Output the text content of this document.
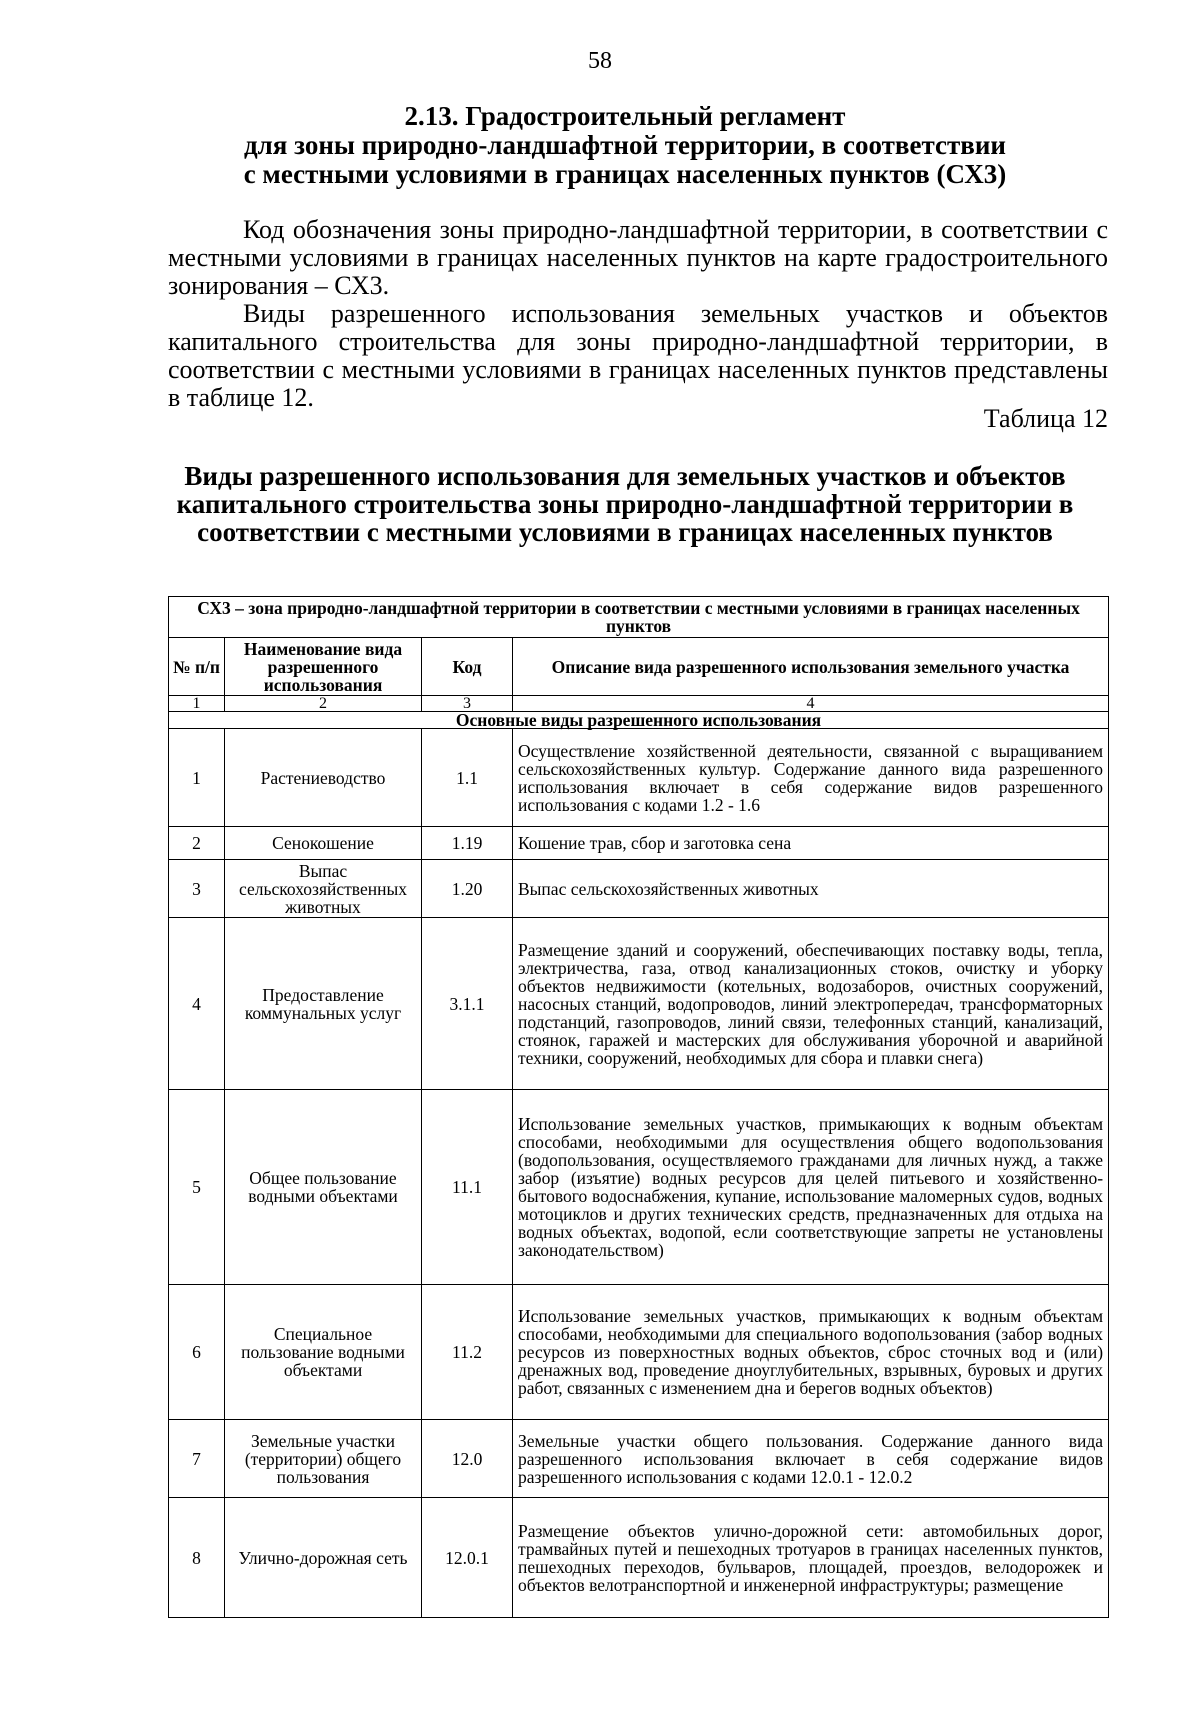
58
2.13. Градостроительный регламент
для зоны природно-ландшафтной территории, в соответствии
с местными условиями в границах населенных пунктов (СХ3)

Код обозначения зоны природно-ландшафтной территории, в соответствии с местными условиями в границах населенных пунктов на карте градостроительного зонирования – СХ3.

Виды разрешенного использования земельных участков и объектов капитального строительства для зоны природно-ландшафтной территории, в соответствии с местными условиями в границах населенных пунктов представлены в таблице 12.

Таблица 12
Виды разрешенного использования для земельных участков и объектов капитального строительства зоны природно-ландшафтной территории в соответствии с местными условиями в границах населенных пунктов
СХ3 – зона природно-ландшафтной территории в соответствии с местными условиями в границах населенных пунктов			
№ п/п	Наименование вида разрешенного использования	Код	Описание вида разрешенного использования земельного участка
1	2	3	4
Основные виды разрешенного использования			
1	Растениеводство	1.1	Осуществление хозяйственной деятельности, связанной с выращиванием сельскохозяйственных культур. Содержание данного вида разрешенного использования включает в себя содержание видов разрешенного использования с кодами 1.2 - 1.6
2	Сенокошение	1.19	Кошение трав, сбор и заготовка сена
3	Выпас сельскохозяйственных животных	1.20	Выпас сельскохозяйственных животных
4	Предоставление коммунальных услуг	3.1.1	Размещение зданий и сооружений, обеспечивающих поставку воды, тепла, электричества, газа, отвод канализационных стоков, очистку и уборку объектов недвижимости (котельных, водозаборов, очистных сооружений, насосных станций, водопроводов, линий электропередач, трансформаторных подстанций, газопроводов, линий связи, телефонных станций, канализаций, стоянок, гаражей и мастерских для обслуживания уборочной и аварийной техники, сооружений, необходимых для сбора и плавки снега)
5	Общее пользование водными объектами	11.1	Использование земельных участков, примыкающих к водным объектам способами, необходимыми для осуществления общего водопользования (водопользования, осуществляемого гражданами для личных нужд, а также забор (изъятие) водных ресурсов для целей питьевого и хозяйственно-бытового водоснабжения, купание, использование маломерных судов, водных мотоциклов и других технических средств, предназначенных для отдыха на водных объектах, водопой, если соответствующие запреты не установлены законодательством)
6	Специальное пользование водными объектами	11.2	Использование земельных участков, примыкающих к водным объектам способами, необходимыми для специального водопользования (забор водных ресурсов из поверхностных водных объектов, сброс сточных вод и (или) дренажных вод, проведение дноуглубительных, взрывных, буровых и других работ, связанных с изменением дна и берегов водных объектов)
7	Земельные участки (территории) общего пользования	12.0	Земельные участки общего пользования. Содержание данного вида разрешенного использования включает в себя содержание видов разрешенного использования с кодами 12.0.1 - 12.0.2
8	Улично-дорожная сеть	12.0.1	Размещение объектов улично-дорожной сети: автомобильных дорог, трамвайных путей и пешеходных тротуаров в границах населенных пунктов, пешеходных переходов, бульваров, площадей, проездов, велодорожек и объектов велотранспортной и инженерной инфраструктуры; размещение
